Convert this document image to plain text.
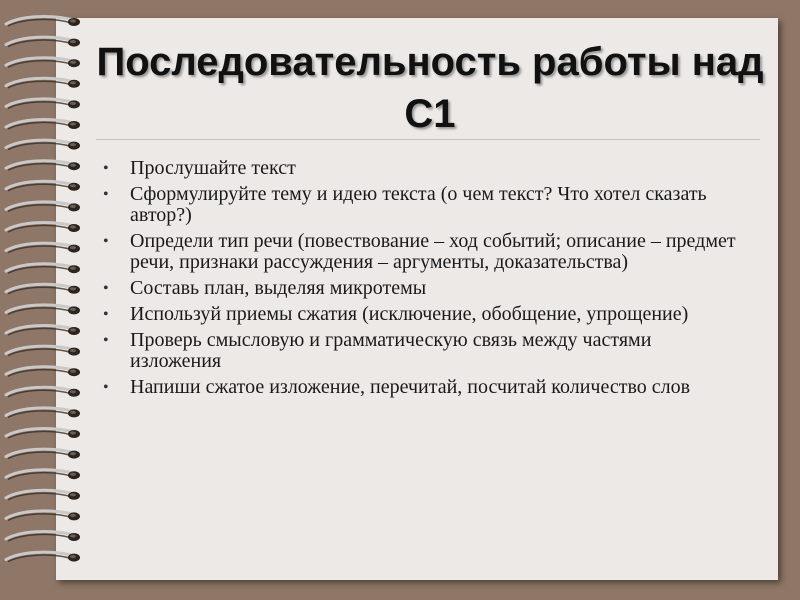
Последовательность работы над
С1
• Прослушайте текст
• Сформулируйте тему и идею текста (о чем текст? Что хотел сказать автор?)
• Определи тип речи (повествование – ход событий; описание – предмет речи, признаки рассуждения – аргументы, доказательства)
• Составь план, выделяя микротемы
• Используй приемы сжатия (исключение, обобщение, упрощение)
• Проверь смысловую и грамматическую связь между частями изложения
• Напиши сжатое изложение, перечитай, посчитай количество слов
